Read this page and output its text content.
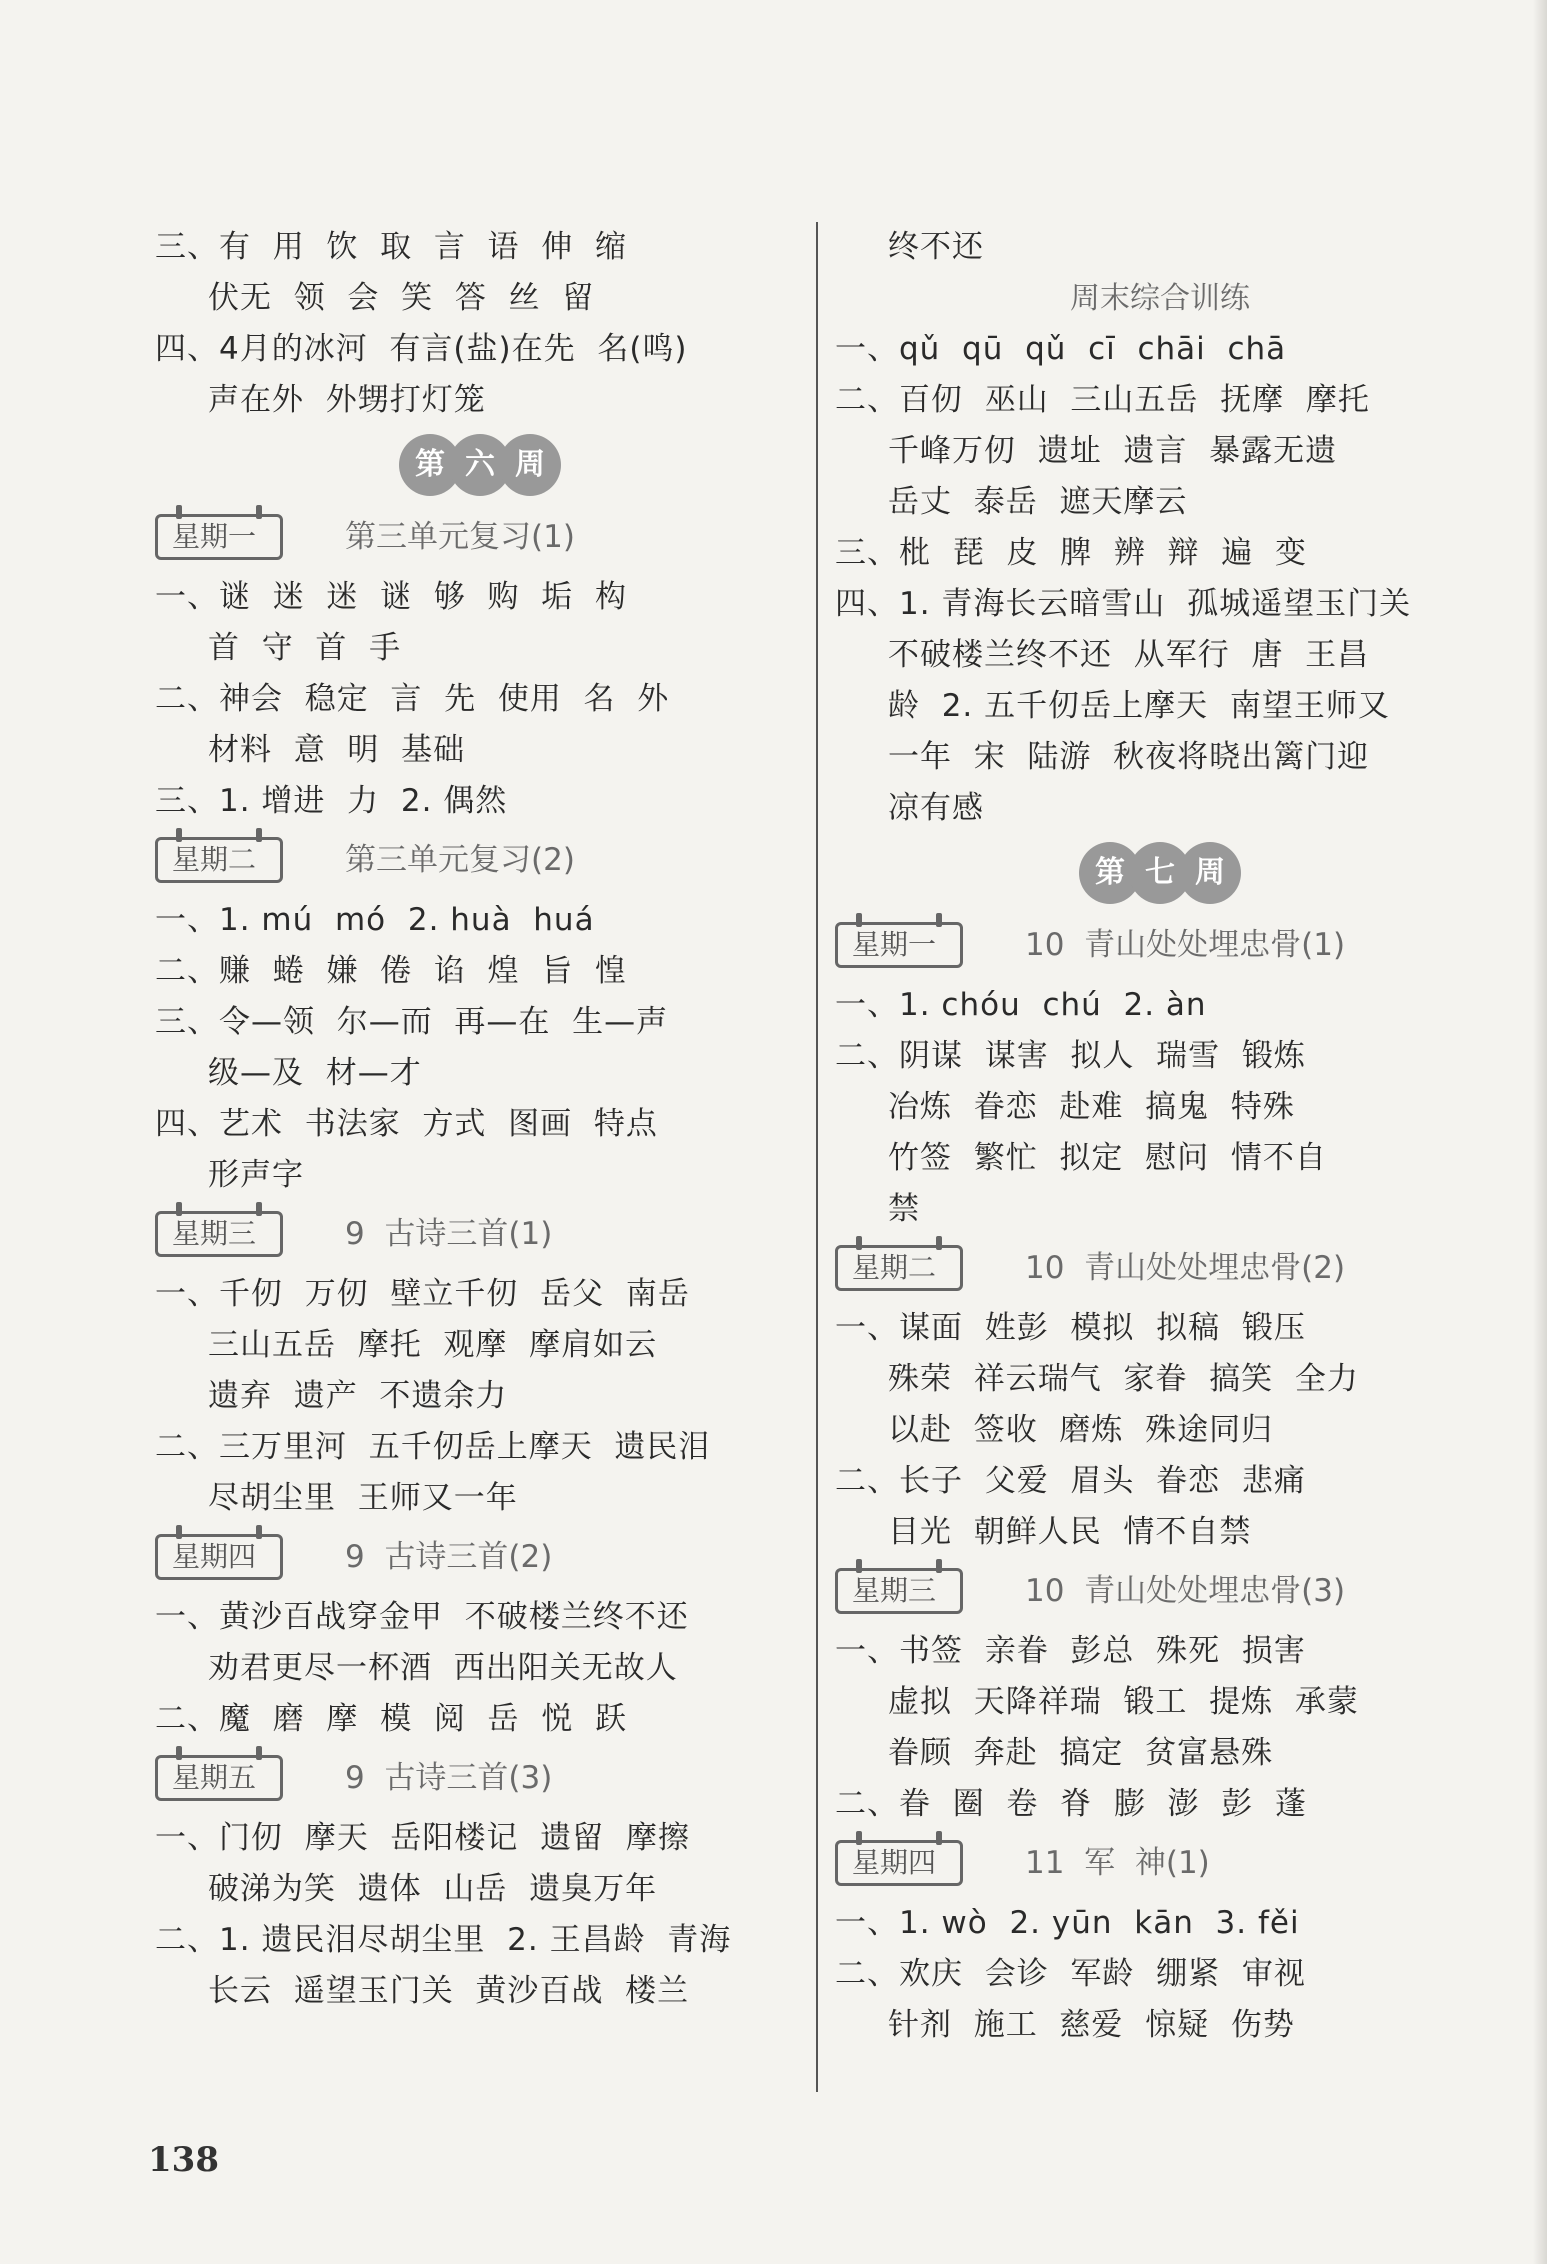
三、有  用  饮  取  言  语  伸  缩
伏无  领  会  笑  答  丝  留
四、4月的冰河  有言(盐)在先  名(鸣)
声在外  外甥打灯笼
第 六 周
星期一	第三单元复习(1)
一、谜  迷  迷  谜  够  购  垢  构
首  守  首  手
二、神会  稳定  言  先  使用  名  外
材料  意  明  基础
三、1. 增进  力  2. 偶然
星期二	第三单元复习(2)
一、1. mú  mó  2. huà  huá
二、赚  蜷  嫌  倦  谄  煌  旨  惶
三、令—领  尔—而  再—在  生—声
级—及  材—才
四、艺术  书法家  方式  图画  特点
形声字
星期三	9  古诗三首(1)
一、千仞  万仞  壁立千仞  岳父  南岳
三山五岳  摩托  观摩  摩肩如云
遗弃  遗产  不遗余力
二、三万里河  五千仞岳上摩天  遗民泪
尽胡尘里  王师又一年
星期四	9  古诗三首(2)
一、黄沙百战穿金甲  不破楼兰终不还
劝君更尽一杯酒  西出阳关无故人
二、魔  磨  摩  模  阅  岳  悦  跃
星期五	9  古诗三首(3)
一、门仞  摩天  岳阳楼记  遗留  摩擦
破涕为笑  遗体  山岳  遗臭万年
二、1. 遗民泪尽胡尘里  2. 王昌龄  青海
长云  遥望玉门关  黄沙百战  楼兰
终不还
周末综合训练
一、qǔ  qū  qǔ  cī  chāi  chā
二、百仞  巫山  三山五岳  抚摩  摩托
千峰万仞  遗址  遗言  暴露无遗
岳丈  泰岳  遮天摩云
三、枇  琵  皮  脾  辨  辩  遍  变
四、1. 青海长云暗雪山  孤城遥望玉门关
不破楼兰终不还  从军行  唐  王昌
龄  2. 五千仞岳上摩天  南望王师又
一年  宋  陆游  秋夜将晓出篱门迎
凉有感
第 七 周
星期一	10  青山处处埋忠骨(1)
一、1. chóu  chú  2. àn
二、阴谋  谋害  拟人  瑞雪  锻炼
冶炼  眷恋  赴难  搞鬼  特殊
竹签  繁忙  拟定  慰问  情不自
禁
星期二	10  青山处处埋忠骨(2)
一、谋面  姓彭  模拟  拟稿  锻压
殊荣  祥云瑞气  家眷  搞笑  全力
以赴  签收  磨炼  殊途同归
二、长子  父爱  眉头  眷恋  悲痛
目光  朝鲜人民  情不自禁
星期三	10  青山处处埋忠骨(3)
一、书签  亲眷  彭总  殊死  损害
虚拟  天降祥瑞  锻工  提炼  承蒙
眷顾  奔赴  搞定  贫富悬殊
二、眷  圈  卷  脊  膨  澎  彭  蓬
星期四	11  军  神(1)
一、1. wò  2. yūn  kān  3. fěi
二、欢庆  会诊  军龄  绷紧  审视
针剂  施工  慈爱  惊疑  伤势
138
